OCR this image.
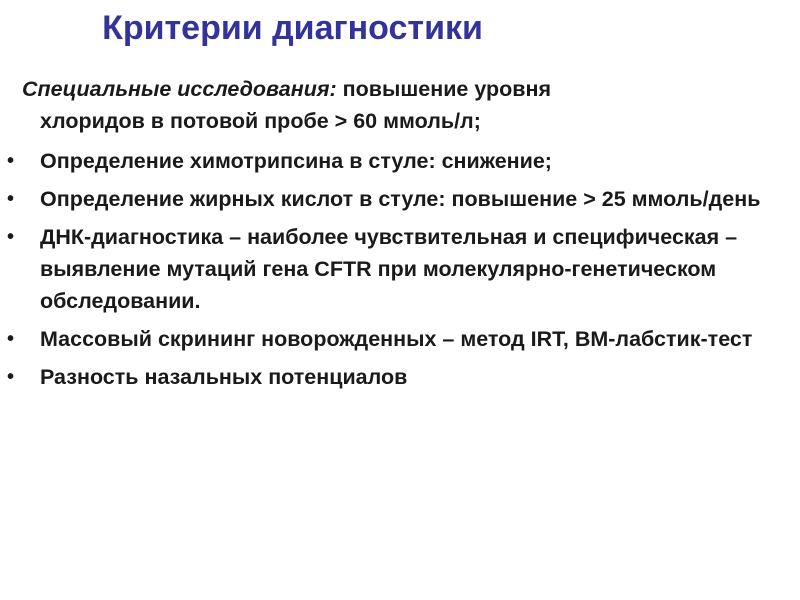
Критерии диагностики

Специальные исследования: повышение уровня
хлоридов в потовой пробе > 60 ммоль/л;

• Определение химотрипсина в стуле: снижение;
• Определение жирных кислот в стуле: повышение > 25 ммоль/день
• ДНК-диагностика – наиболее чувствительная и специфическая – выявление мутаций гена CFTR при молекулярно-генетическом обследовании.
• Массовый скрининг новорожденных – метод IRT, BM-лабстик-тест
• Разность назальных потенциалов
